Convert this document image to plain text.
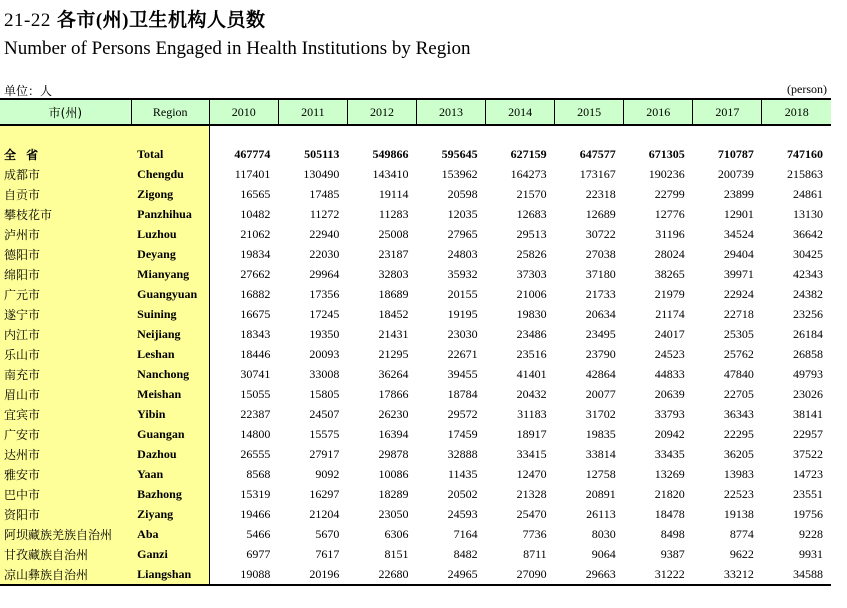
21-22 各市(州)卫生机构人员数
Number of Persons Engaged in Health Institutions by Region
单位：人	(person)
市(州)	Region	2010	2011	2012	2013	2014	2015	2016	2017	2018

全 省	Total	467774	505113	549866	595645	627159	647577	671305	710787	747160
成都市	Chengdu	117401	130490	143410	153962	164273	173167	190236	200739	215863
自贡市	Zigong	16565	17485	19114	20598	21570	22318	22799	23899	24861
攀枝花市	Panzhihua	10482	11272	11283	12035	12683	12689	12776	12901	13130
泸州市	Luzhou	21062	22940	25008	27965	29513	30722	31196	34524	36642
德阳市	Deyang	19834	22030	23187	24803	25826	27038	28024	29404	30425
绵阳市	Mianyang	27662	29964	32803	35932	37303	37180	38265	39971	42343
广元市	Guangyuan	16882	17356	18689	20155	21006	21733	21979	22924	24382
遂宁市	Suining	16675	17245	18452	19195	19830	20634	21174	22718	23256
内江市	Neijiang	18343	19350	21431	23030	23486	23495	24017	25305	26184
乐山市	Leshan	18446	20093	21295	22671	23516	23790	24523	25762	26858
南充市	Nanchong	30741	33008	36264	39455	41401	42864	44833	47840	49793
眉山市	Meishan	15055	15805	17866	18784	20432	20077	20639	22705	23026
宜宾市	Yibin	22387	24507	26230	29572	31183	31702	33793	36343	38141
广安市	Guangan	14800	15575	16394	17459	18917	19835	20942	22295	22957
达州市	Dazhou	26555	27917	29878	32888	33415	33814	33435	36205	37522
雅安市	Yaan	8568	9092	10086	11435	12470	12758	13269	13983	14723
巴中市	Bazhong	15319	16297	18289	20502	21328	20891	21820	22523	23551
资阳市	Ziyang	19466	21204	23050	24593	25470	26113	18478	19138	19756
阿坝藏族羌族自治州	Aba	5466	5670	6306	7164	7736	8030	8498	8774	9228
甘孜藏族自治州	Ganzi	6977	7617	8151	8482	8711	9064	9387	9622	9931
凉山彝族自治州	Liangshan	19088	20196	22680	24965	27090	29663	31222	33212	34588
